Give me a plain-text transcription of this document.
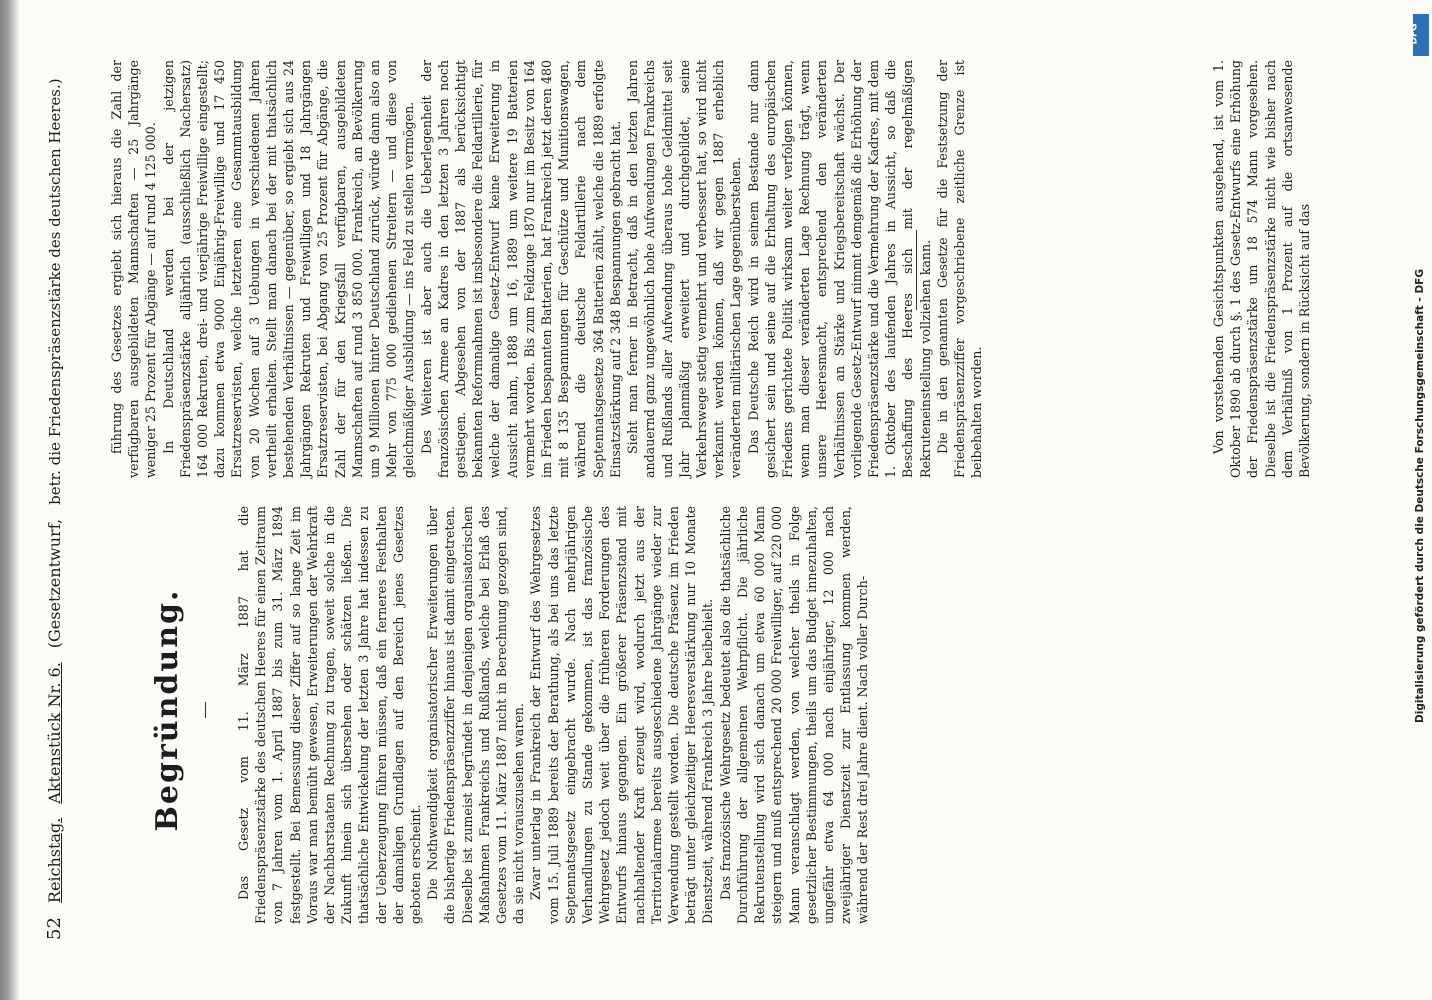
52
Reichstag.
Aktenstück Nr. 6.
(Gesetzentwurf,
betr. die Friedenspräsenzstärke des deutschen Heeres.)
Begründung.	Das Gesetz vom 11. März 1887 hat die Friedenspräsenzstärke des deutschen Heeres für einen Zeitraum von 7 Jahren vom 1. April 1887 bis zum 31. März 1894 festgestellt. Bei Bemessung dieser Ziffer auf so lange Zeit im Voraus war man bemüht gewesen, Erweiterungen der Wehrkraft der Nachbarstaaten Rechnung zu tragen, soweit solche in die Zukunft hinein sich übersehen oder schätzen ließen. Die thatsächliche Entwickelung der letzten 3 Jahre hat indessen zu der Ueberzeugung führen müssen, daß ein ferneres Festhalten der damaligen Grundlagen auf den Bereich jenes Gesetzes geboten erscheint. Die Nothwendigkeit organisatorischer Erweiterungen über die bisherige Friedenspräsenzziffer hinaus ist damit eingetreten. Dieselbe ist zumeist begründet in denjenigen organisatorischen Maßnahmen Frankreichs und Rußlands, welche bei Erlaß des Gesetzes vom 11. März 1887 nicht in Berechnung gezogen sind, da sie nicht vorauszusehen waren. Zwar unterlag in Frankreich der Entwurf des Wehrgesetzes vom 15. Juli 1889 bereits der Berathung, als bei uns das letzte Septennatsgesetz eingebracht wurde. Nach mehrjährigen Verhandlungen zu Stande gekommen, ist das französische Wehrgesetz jedoch weit über die früheren Forderungen des Entwurfs hinaus gegangen. Ein größerer Präsenzstand mit nachhaltender Kraft erzeugt wird, wodurch jetzt aus der Territorialarmee bereits ausgeschiedene Jahrgänge wieder zur Verwendung gestellt worden. Die deutsche Präsenz im Frieden beträgt unter gleichzeitiger Heeresverstärkung nur 10 Monate Dienstzeit, während Frankreich 3 Jahre beibehielt. Das französische Wehrgesetz bedeutet also die thatsächliche Durchführung der allgemeinen Wehrpflicht. Die jährliche Rekrutenstellung wird sich danach um etwa 60 000 Mann steigern und muß entsprechend 20 000 Freiwilliger, auf 220 000 Mann veranschlagt werden, von welcher theils in Folge gesetzlicher Bestimmungen, theils um das Budget innezuhalten, ungefähr etwa 64 000 nach einjähriger, 12 000 nach zweijähriger Dienstzeit zur Entlassung kommen werden, während der Rest drei Jahre dient. Nach voller Durch-

führung des Gesetzes ergiebt sich hieraus die Zahl der verfügbaren ausgebildeten Mannschaften — 25 Jahrgänge weniger 25 Prozent für Abgänge — auf rund 4 125 000. In Deutschland werden bei der jetzigen Friedenspräsenzstärke alljährlich (ausschließlich Nachersatz) 164 000 Rekruten, drei- und vierjährige Freiwillige eingestellt; dazu kommen etwa 9000 Einjährig-Freiwillige und 17 450 Ersatzreservisten, welche letzteren eine Gesammtausbildung von 20 Wochen auf 3 Uebungen in verschiedenen Jahren vertheilt erhalten. Stellt man danach bei der mit thatsächlich bestehenden Verhältnissen — gegenüber, so ergiebt sich aus 24 Jahrgängen Rekruten und Freiwilligen und 18 Jahrgängen Ersatzreservisten, bei Abgang von 25 Prozent für Abgänge, die Zahl der für den Kriegsfall verfügbaren, ausgebildeten Mannschaften auf rund 3 850 000. Frankreich, an Bevölkerung um 9 Millionen hinter Deutschland zurück, würde dann also an Mehr von 775 000 gediehenen Streitern — und diese von gleichmäßiger Ausbildung — ins Feld zu stellen vermögen. Des Weiteren ist aber auch die Ueberlegenheit der französischen Armee an Kadres in den letzten 3 Jahren noch gestiegen. Abgesehen von der 1887 als berücksichtigt bekannten Reformnahmen ist insbesondere die Feldartillerie, für welche der damalige Gesetz-Entwurf keine Erweiterung in Aussicht nahm, 1888 um 16, 1889 um weitere 19 Batterien vermehrt worden. Bis zum Feldzuge 1870 nur im Besitz von 164 im Frieden bespannten Batterien, hat Frankreich jetzt deren 480 mit 8 135 Bespannungen für Geschütze und Munitionswagen, während die deutsche Feldartillerie nach dem Septennatsgesetze 364 Batterien zählt, welche die 1889 erfolgte Einsatzstärkung auf 2 348 Bespannungen gebracht hat. Sieht man ferner in Betracht, daß in den letzten Jahren andauernd ganz ungewöhnlich hohe Aufwendungen Frankreichs und Rußlands aller Aufwendung überaus hohe Geldmittel seit Jahr planmäßig erweitert und durchgebildet, seine Verkehrswege stetig vermehrt und verbessert hat, so wird nicht verkannt werden können, daß wir gegen 1887 erheblich veränderten militärischen Lage gegenüberstehen. Das Deutsche Reich wird in seinem Bestande nur dann gesichert sein und seine auf die Erhaltung des europäischen Friedens gerichtete Politik wirksam weiter verfolgen können, wenn man dieser veränderten Lage Rechnung trägt, wenn unsere Heeresmacht, entsprechend den veränderten Verhältnissen an Stärke und Kriegsbereitschaft wächst. Der vorliegende Gesetz-Entwurf nimmt demgemäß die Erhöhung der Friedenspräsenzstärke und die Vermehrung der Kadres, mit dem 1. Oktober des laufenden Jahres in Aussicht, so daß die Beschaffung des Heeres sich mit der regelmäßigen Rekruteneinstellung vollziehen kann. Die in den genannten Gesetze für die Festsetzung der Friedenspräsenzziffer vorgeschriebene zeitliche Grenze ist beibehalten worden.	Von vorstehenden Gesichtspunkten ausgehend, ist vom 1. Oktober 1890 ab durch §. 1 des Gesetz-Entwurfs eine Erhöhung der Friedenspräsenzstärke um 18 574 Mann vorgesehen. Dieselbe ist die Friedenspräsenzstärke nicht wie bisher nach dem Verhältniß von 1 Prozent auf die ortsanwesende Bevölkerung, sondern in Rücksicht auf das

DFG
Digitalisierung gefördert durch die Deutsche Forschungsgemeinschaft - DFG
